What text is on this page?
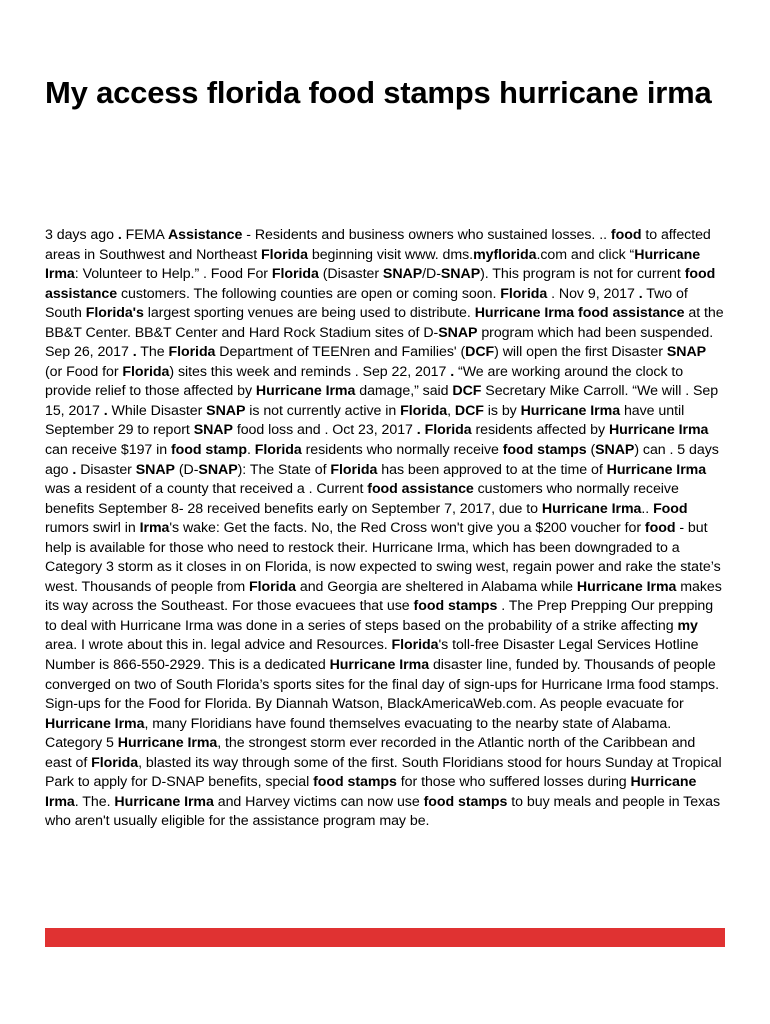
My access florida food stamps hurricane irma

3 days ago . FEMA Assistance - Residents and business owners who sustained losses. .. food to affected areas in Southwest and Northeast Florida beginning visit www. dms.myflorida.com and click “Hurricane Irma: Volunteer to Help.” . Food For Florida (Disaster SNAP/D-SNAP). This program is not for current food assistance customers. The following counties are open or coming soon. Florida . Nov 9, 2017 . Two of South Florida's largest sporting venues are being used to distribute. Hurricane Irma food assistance at the BB&T Center. BB&T Center and Hard Rock Stadium sites of D-SNAP program which had been suspended. Sep 26, 2017 . The Florida Department of TEENren and Families' (DCF) will open the first Disaster SNAP (or Food for Florida) sites this week and reminds . Sep 22, 2017 . “We are working around the clock to provide relief to those affected by Hurricane Irma damage,” said DCF Secretary Mike Carroll. “We will . Sep 15, 2017 . While Disaster SNAP is not currently active in Florida, DCF is by Hurricane Irma have until September 29 to report SNAP food loss and . Oct 23, 2017 . Florida residents affected by Hurricane Irma can receive $197 in food stamp. Florida residents who normally receive food stamps (SNAP) can . 5 days ago . Disaster SNAP (D-SNAP): The State of Florida has been approved to at the time of Hurricane Irma was a resident of a county that received a . Current food assistance customers who normally receive benefits September 8- 28 received benefits early on September 7, 2017, due to Hurricane Irma.. Food rumors swirl in Irma's wake: Get the facts. No, the Red Cross won't give you a $200 voucher for food - but help is available for those who need to restock their. Hurricane Irma, which has been downgraded to a Category 3 storm as it closes in on Florida, is now expected to swing west, regain power and rake the state’s west. Thousands of people from Florida and Georgia are sheltered in Alabama while Hurricane Irma makes its way across the Southeast. For those evacuees that use food stamps . The Prep Prepping Our prepping to deal with Hurricane Irma was done in a series of steps based on the probability of a strike affecting my area. I wrote about this in. legal advice and Resources. Florida's toll-free Disaster Legal Services Hotline Number is 866-550-2929. This is a dedicated Hurricane Irma disaster line, funded by. Thousands of people converged on two of South Florida’s sports sites for the final day of sign-ups for Hurricane Irma food stamps. Sign-ups for the Food for Florida. By Diannah Watson, BlackAmericaWeb.com. As people evacuate for Hurricane Irma, many Floridians have found themselves evacuating to the nearby state of Alabama. Category 5 Hurricane Irma, the strongest storm ever recorded in the Atlantic north of the Caribbean and east of Florida, blasted its way through some of the first. South Floridians stood for hours Sunday at Tropical Park to apply for D-SNAP benefits, special food stamps for those who suffered losses during Hurricane Irma. The. Hurricane Irma and Harvey victims can now use food stamps to buy meals and people in Texas who aren't usually eligible for the assistance program may be.
